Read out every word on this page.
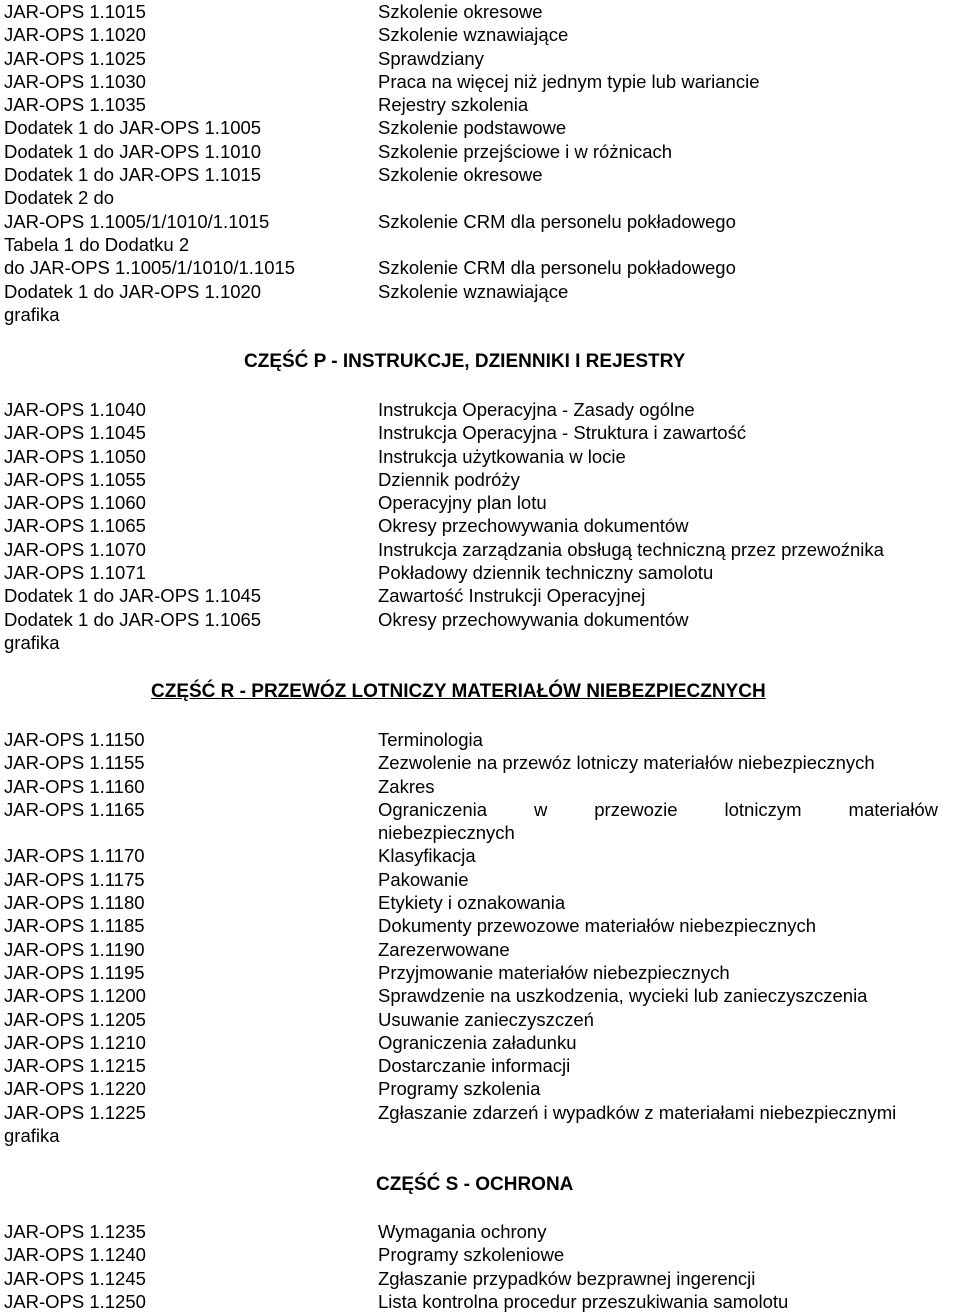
JAR-OPS 1.1015	Szkolenie okresowe
JAR-OPS 1.1020	Szkolenie wznawiające
JAR-OPS 1.1025	Sprawdziany
JAR-OPS 1.1030	Praca na więcej niż jednym typie lub wariancie
JAR-OPS 1.1035	Rejestry szkolenia
Dodatek 1 do JAR-OPS 1.1005	Szkolenie podstawowe
Dodatek 1 do JAR-OPS 1.1010	Szkolenie przejściowe i w różnicach
Dodatek 1 do JAR-OPS 1.1015	Szkolenie okresowe
Dodatek 2 do
JAR-OPS 1.1005/1/1010/1.1015	Szkolenie CRM dla personelu pokładowego
Tabela 1 do Dodatku 2
do JAR-OPS 1.1005/1/1010/1.1015	Szkolenie CRM dla personelu pokładowego
Dodatek 1 do JAR-OPS 1.1020	Szkolenie wznawiające
grafika
CZĘŚĆ P - INSTRUKCJE, DZIENNIKI I REJESTRY
JAR-OPS 1.1040	Instrukcja Operacyjna - Zasady ogólne
JAR-OPS 1.1045	Instrukcja Operacyjna - Struktura i zawartość
JAR-OPS 1.1050	Instrukcja użytkowania w locie
JAR-OPS 1.1055	Dziennik podróży
JAR-OPS 1.1060	Operacyjny plan lotu
JAR-OPS 1.1065	Okresy przechowywania dokumentów
JAR-OPS 1.1070	Instrukcja zarządzania obsługą techniczną przez przewoźnika
JAR-OPS 1.1071	Pokładowy dziennik techniczny samolotu
Dodatek 1 do JAR-OPS 1.1045	Zawartość Instrukcji Operacyjnej
Dodatek 1 do JAR-OPS 1.1065	Okresy przechowywania dokumentów
grafika
CZĘŚĆ R - PRZEWÓZ LOTNICZY MATERIAŁÓW NIEBEZPIECZNYCH
JAR-OPS 1.1150	Terminologia
JAR-OPS 1.1155	Zezwolenie na przewóz lotniczy materiałów niebezpiecznych
JAR-OPS 1.1160	Zakres
JAR-OPS 1.1165	Ograniczenia w przewozie lotniczym materiałów
niebezpiecznych
JAR-OPS 1.1170	Klasyfikacja
JAR-OPS 1.1175	Pakowanie
JAR-OPS 1.1180	Etykiety i oznakowania
JAR-OPS 1.1185	Dokumenty przewozowe materiałów niebezpiecznych
JAR-OPS 1.1190	Zarezerwowane
JAR-OPS 1.1195	Przyjmowanie materiałów niebezpiecznych
JAR-OPS 1.1200	Sprawdzenie na uszkodzenia, wycieki lub zanieczyszczenia
JAR-OPS 1.1205	Usuwanie zanieczyszczeń
JAR-OPS 1.1210	Ograniczenia załadunku
JAR-OPS 1.1215	Dostarczanie informacji
JAR-OPS 1.1220	Programy szkolenia
JAR-OPS 1.1225	Zgłaszanie zdarzeń i wypadków z materiałami niebezpiecznymi
grafika
CZĘŚĆ S - OCHRONA
JAR-OPS 1.1235	Wymagania ochrony
JAR-OPS 1.1240	Programy szkoleniowe
JAR-OPS 1.1245	Zgłaszanie przypadków bezprawnej ingerencji
JAR-OPS 1.1250	Lista kontrolna procedur przeszukiwania samolotu
